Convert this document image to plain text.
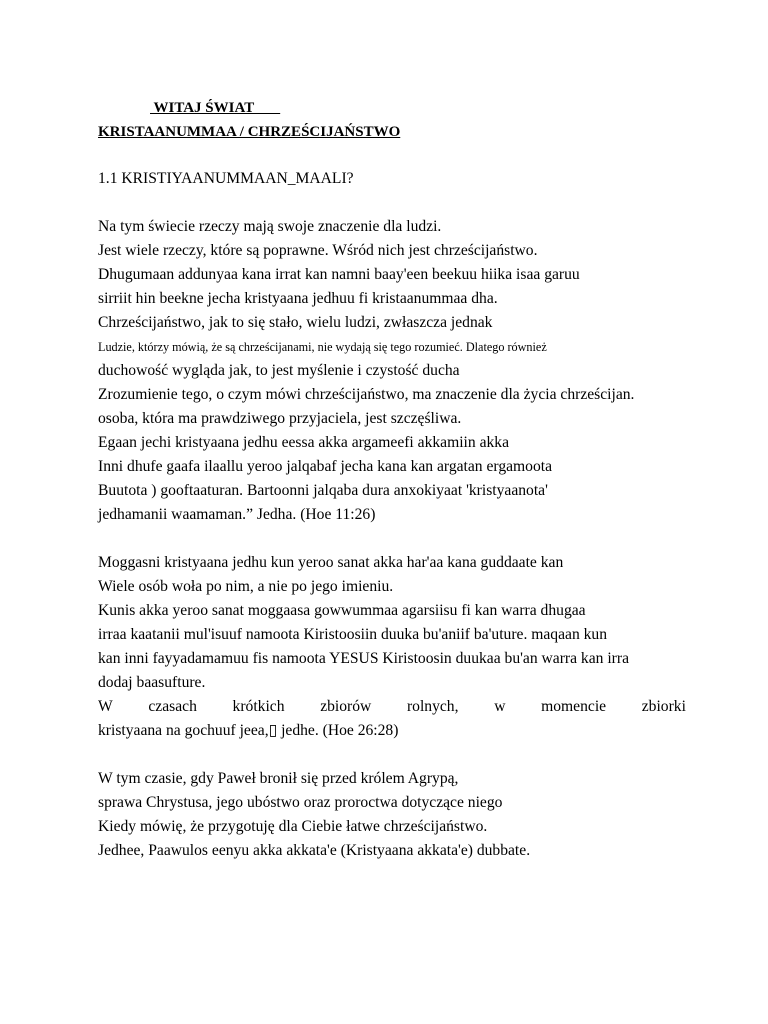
WITAJ ŚWIAT
KRISTAANUMMAA / CHRZEŚCIJAŃSTWO
1.1 KRISTIYAANUMMAAN_MAALI?
Na tym świecie rzeczy mają swoje znaczenie dla ludzi.
Jest wiele rzeczy, które są poprawne. Wśród nich jest chrześcijaństwo.
Dhugumaan addunyaa kana irrat kan namni baay'een beekuu hiika isaa garuu
sirriit hin beekne jecha kristyaana jedhuu fi kristaanummaa dha.
Chrześcijaństwo, jak to się stało, wielu ludzi, zwłaszcza jednak
Ludzie, którzy mówią, że są chrześcijanami, nie wydają się tego rozumieć. Dlatego również
duchowość wygląda jak, to jest myślenie i czystość ducha
Zrozumienie tego, o czym mówi chrześcijaństwo, ma znaczenie dla życia chrześcijan.
osoba, która ma prawdziwego przyjaciela, jest szczęśliwa.
Egaan jechi kristyaana jedhu eessa akka argameefi akkamiin akka
Inni dhufe gaafa ilaallu yeroo jalqabaf jecha kana kan argatan ergamoota
Buutota ) gooftaaturan. Bartoonni jalqaba dura anxokiyaat 'kristyaanota'
jedhamanii waamaman.” Jedha. (Hoe 11:26)
Moggasni kristyaana jedhu kun yeroo sanat akka har'aa kana guddaate kan
Wiele osób woła po nim, a nie po jego imieniu.
Kunis akka yeroo sanat moggaasa gowwummaa agarsiisu fi kan warra dhugaa
irraa kaatanii mul'isuuf namoota Kiristoosiin duuka bu'aniif ba'uture. maqaan kun
kan inni fayyadamamuu fis namoota YESUS Kiristoosin duukaa bu'an warra kan irra
dodaj baasufture.
W czasach krótkich zbiorów rolnych, w momencie zbiorki
kristyaana na gochuuf jeea,▯ jedhe. (Hoe 26:28)
W tym czasie, gdy Paweł bronił się przed królem Agrypą,
sprawa Chrystusa, jego ubóstwo oraz proroctwa dotyczące niego
Kiedy mówię, że przygotuję dla Ciebie łatwe chrześcijaństwo.
Jedhee, Paawulos eenyu akka akkata'e (Kristyaana akkata'e) dubbate.
